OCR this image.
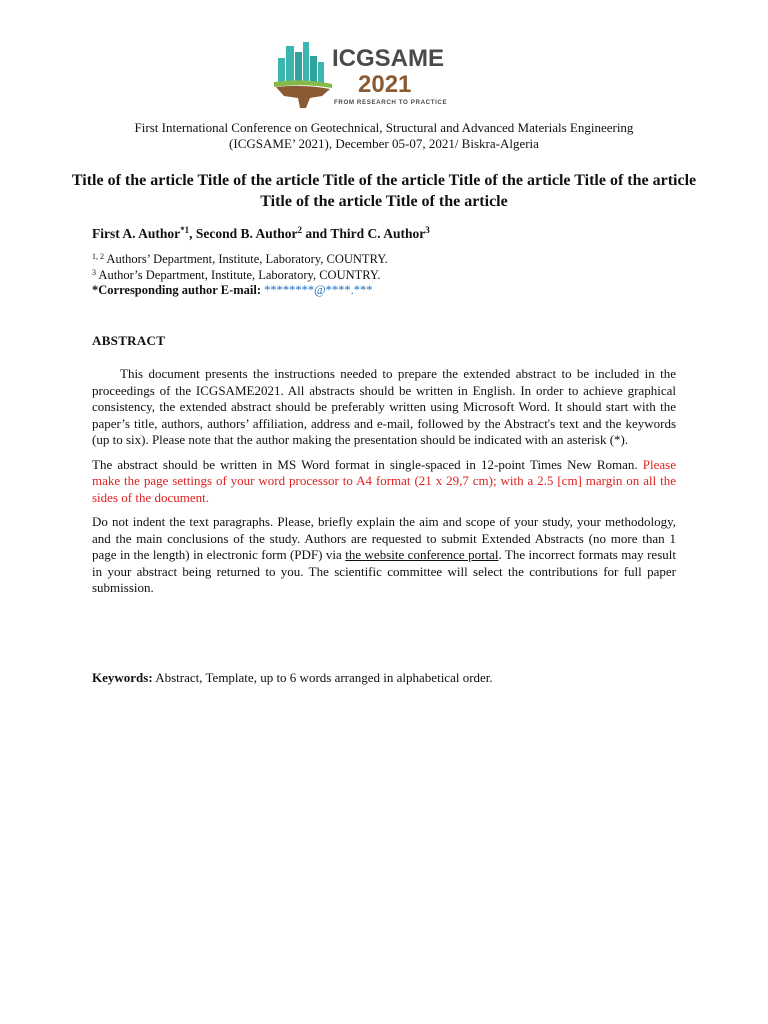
ICGSAME
2021
FROM RESEARCH TO PRACTICE
First International Conference on Geotechnical, Structural and Advanced Materials Engineering
(ICGSAME’ 2021), December 05-07, 2021/ Biskra-Algeria
Title of the article Title of the article Title of the article Title of the article Title of the article Title of the article Title of the article
First A. Author$^{*1}$, Second B. Author$^2$ and Third C. Author$^3$
$^{1, 2}$ Authors’ Department, Institute, Laboratory, COUNTRY.
$^3$ Author’s Department, Institute, Laboratory, COUNTRY.
*Corresponding author E-mail: ********@****.***
ABSTRACT

This document presents the instructions needed to prepare the extended abstract to be included in the proceedings of the ICGSAME2021. All abstracts should be written in English. In order to achieve graphical consistency, the extended abstract should be preferably written using Microsoft Word. It should start with the paper’s title, authors, authors’ affiliation, address and e-mail, followed by the Abstract's text and the keywords (up to six). Please note that the author making the presentation should be indicated with an asterisk (*).

The abstract should be written in MS Word format in single-spaced in 12-point Times New Roman. Please make the page settings of your word processor to A4 format (21 x 29,7 cm); with a 2.5 [cm] margin on all the sides of the document.

Do not indent the text paragraphs. Please, briefly explain the aim and scope of your study, your methodology, and the main conclusions of the study. Authors are requested to submit Extended Abstracts (no more than 1 page in the length) in electronic form (PDF) via the website conference portal. The incorrect formats may result in your abstract being returned to you. The scientific committee will select the contributions for full paper submission.

Keywords: Abstract, Template, up to 6 words arranged in alphabetical order.
